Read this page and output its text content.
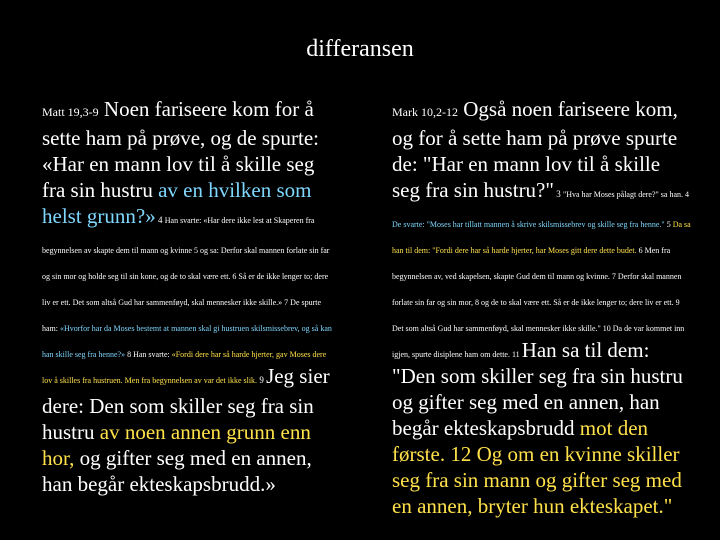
differansen
Matt 19,3-9 Noen fariseere kom for å sette ham på prøve, og de spurte: «Har en mann lov til å skille seg fra sin hustru av en hvilken som helst grunn?» 4 Han svarte: «Har dere ikke lest at Skaperen fra begynnelsen av skapte dem til mann og kvinne 5 og sa: Derfor skal mannen forlate sin far og sin mor og holde seg til sin kone, og de to skal være ett. 6 Så er de ikke lenger to; dere liv er ett. Det som altså Gud har sammenføyd, skal mennesker ikke skille.» 7 De spurte ham: «Hvorfor har da Moses bestemt at mannen skal gi hustruen skilsmissebrev, og så kan han skille seg fra henne?» 8 Han svarte: «Fordi dere har så harde hjerter, gav Moses dere lov å skilles fra hustruen. Men fra begynnelsen av var det ikke slik. 9 Jeg sier dere: Den som skiller seg fra sin hustru av noen annen grunn enn hor, og gifter seg med en annen, han begår ekteskapsbrudd.»
Mark 10,2-12 Også noen fariseere kom, og for å sette ham på prøve spurte de: "Har en mann lov til å skille seg fra sin hustru?" 3 "Hva har Moses pålagt dere?" sa han. 4 De svarte: "Moses har tillatt mannen å skrive skilsmissebrev og skille seg fra henne." 5 Da sa han til dem: "Fordi dere har så harde hjerter, har Moses gitt dere dette budet. 6 Men fra begynnelsen av, ved skapelsen, skapte Gud dem til mann og kvinne. 7 Derfor skal mannen forlate sin far og sin mor, 8 og de to skal være ett. Så er de ikke lenger to; dere liv er ett. 9 Det som altså Gud har sammenføyd, skal mennesker ikke skille." 10 Da de var kommet inn igjen, spurte disiplene ham om dette. 11 Han sa til dem: "Den som skiller seg fra sin hustru og gifter seg med en annen, han begår ekteskapsbrudd mot den første. 12 Og om en kvinne skiller seg fra sin mann og gifter seg med en annen, bryter hun ekteskapet."
